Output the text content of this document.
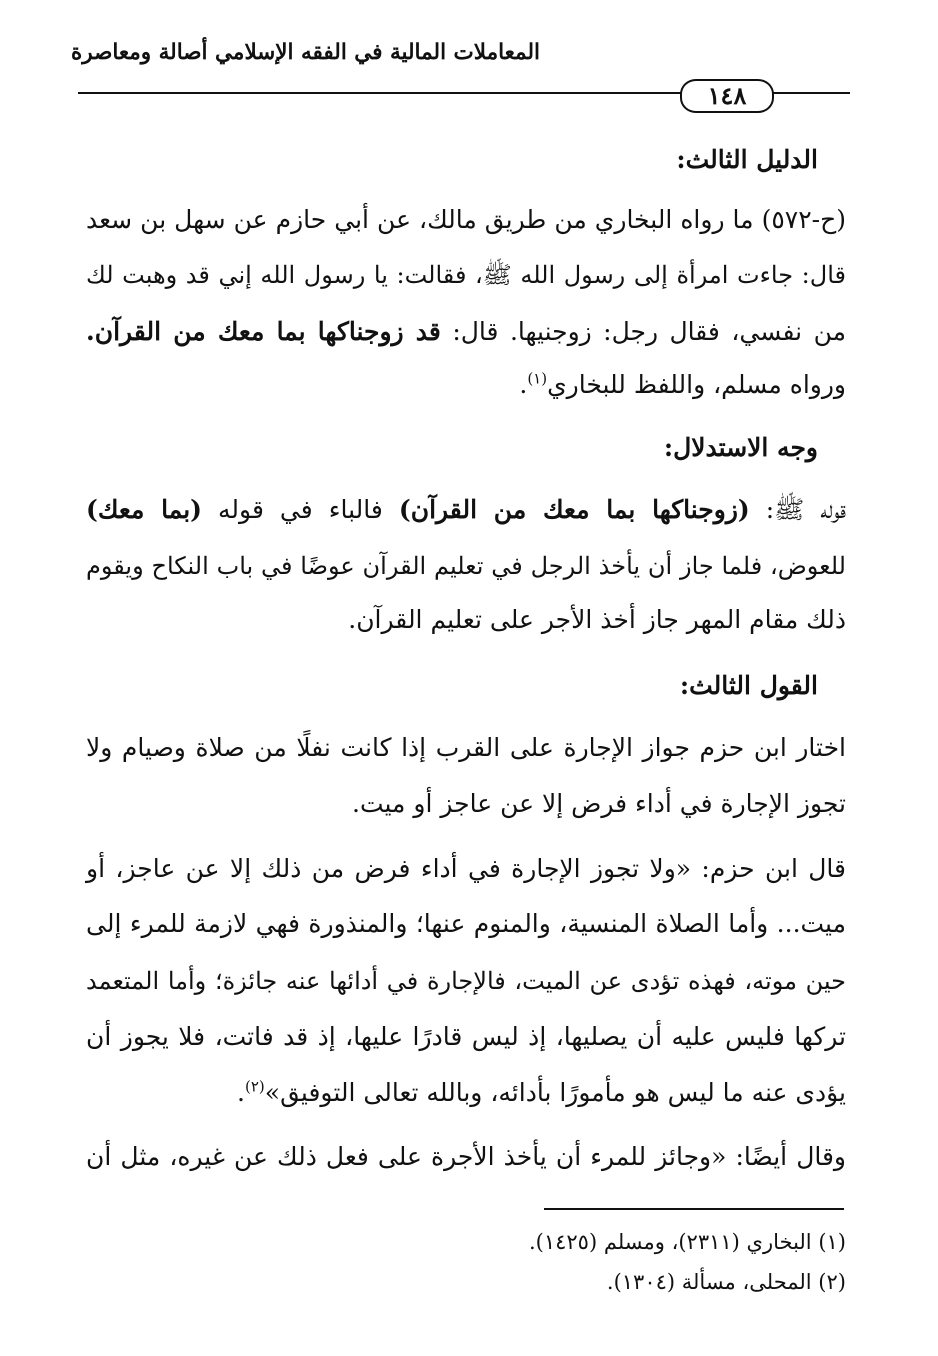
المعاملات المالية في الفقه الإسلامي أصالة ومعاصرة
١٤٨
الدليل الثالث:
(ح-٥٧٢) ما رواه البخاري من طريق مالك، عن أبي حازم عن سهل بن سعد
قال: جاءت امرأة إلى رسول الله ﷺ، فقالت: يا رسول الله إني قد وهبت لك
من نفسي، فقال رجل: زوجنيها. قال: قد زوجناكها بما معك من القرآن.
ورواه مسلم، واللفظ للبخاري$^{(١)}$.
وجه الاستدلال:
قوله ﷺ: (زوجناكها بما معك من القرآن) فالباء في قوله (بما معك)
للعوض، فلما جاز أن يأخذ الرجل في تعليم القرآن عوضًا في باب النكاح ويقوم
ذلك مقام المهر جاز أخذ الأجر على تعليم القرآن.
القول الثالث:
اختار ابن حزم جواز الإجارة على القرب إذا كانت نفلًا من صلاة وصيام ولا
تجوز الإجارة في أداء فرض إلا عن عاجز أو ميت.
قال ابن حزم: «ولا تجوز الإجارة في أداء فرض من ذلك إلا عن عاجز، أو
ميت... وأما الصلاة المنسية، والمنوم عنها؛ والمنذورة فهي لازمة للمرء إلى
حين موته، فهذه تؤدى عن الميت، فالإجارة في أدائها عنه جائزة؛ وأما المتعمد
تركها فليس عليه أن يصليها، إذ ليس قادرًا عليها، إذ قد فاتت، فلا يجوز أن
يؤدى عنه ما ليس هو مأمورًا بأدائه، وبالله تعالى التوفيق»$^{(٢)}$.
وقال أيضًا: «وجائز للمرء أن يأخذ الأجرة على فعل ذلك عن غيره، مثل أن
(١) البخاري (٢٣١١)، ومسلم (١٤٢٥).
(٢) المحلى، مسألة (١٣٠٤).
